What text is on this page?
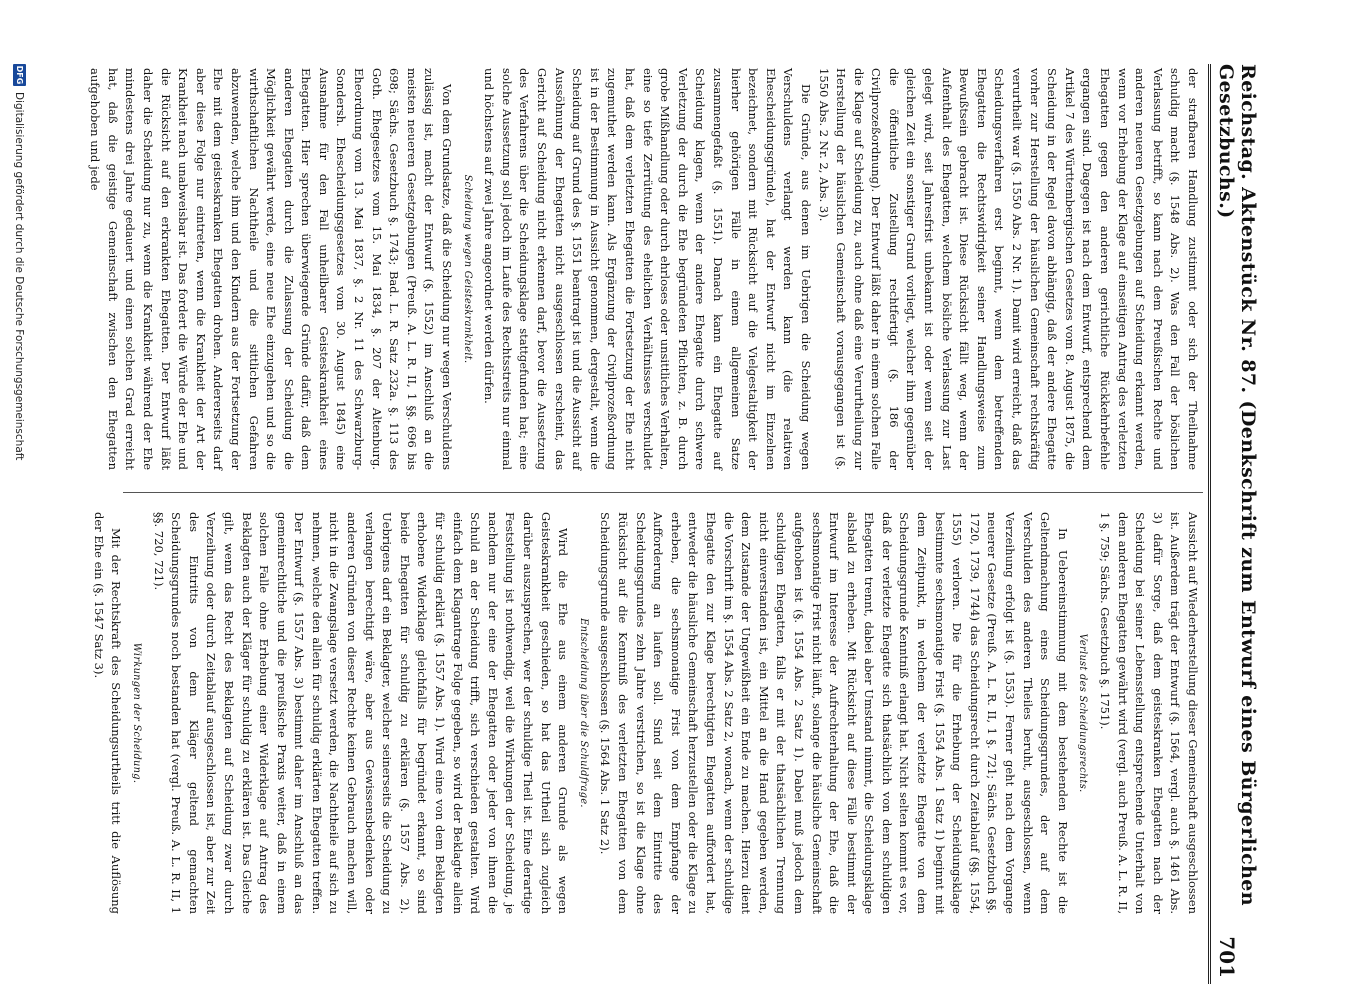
Reichstag. Aktenstück Nr. 87. (Denkschrift zum Entwurf eines Bürgerlichen Gesetzbuchs.)
701

der strafbaren Handlung zustimmt oder sich der Theilnahme schuldig macht (§. 1548 Abs. 2). Was den Fall der böslichen Verlassung betrifft, so kann nach dem Preußischen Rechte und anderen neueren Gesetzgebungen auf Scheidung erkannt werden, wenn vor Erhebung der Klage auf einseitigen Antrag des verletzten Ehegatten gegen den anderen gerichtliche Rückkehrbefehle ergangen sind. Dagegen ist nach dem Entwurf, entsprechend dem Artikel 7 des Württembergischen Gesetzes vom 8. August 1875, die Scheidung in der Regel davon abhängig, daß der andere Ehegatte vorher zur Herstellung der häuslichen Gemeinschaft rechtskräftig verurtheilt war (§. 1550 Abs. 2 Nr. 1). Damit wird erreicht, daß das Scheidungsverfahren erst beginnt, wenn dem betreffenden Ehegatten die Rechtswidrigkeit seiner Handlungsweise zum Bewußtsein gebracht ist. Diese Rücksicht fällt weg, wenn der Aufenthalt des Ehegatten, welchem bösliche Verlassung zur Last gelegt wird, seit Jahresfrist unbekannt ist oder wenn seit der gleichen Zeit ein sonstiger Grund vorliegt, welcher ihm gegenüber die öffentliche Zustellung rechtfertigt (§. 186 der Civilprozeßordnung). Der Entwurf läßt daher in einem solchen Falle die Klage auf Scheidung zu, auch ohne daß eine Verurtheilung zur Herstellung der häuslichen Gemeinschaft vorausgegangen ist (§. 1550 Abs. 2 Nr. 2, Abs. 3).

Die Gründe, aus denen im Uebrigen die Scheidung wegen Verschuldens verlangt werden kann (die relativen Ehescheidungsgründe), hat der Entwurf nicht im Einzelnen bezeichnet, sondern mit Rücksicht auf die Vielgestaltigkeit der hierher gehörigen Fälle in einem allgemeinen Satze zusammengefaßt (§. 1551). Danach kann ein Ehegatte auf Scheidung klagen, wenn der andere Ehegatte durch schwere Verletzung der durch die Ehe begründeten Pflichten, z. B. durch grobe Mißhandlung oder durch ehrloses oder unsittliches Verhalten, eine so tiefe Zerrüttung des ehelichen Verhältnisses verschuldet hat, daß dem verletzten Ehegatten die Fortsetzung der Ehe nicht zugemuthet werden kann. Als Ergänzung der Civilprozeßordnung ist in der Bestimmung in Aussicht genommen, dergestalt, wenn die Scheidung auf Grund des §. 1551 beantragt ist und die Aussicht auf Aussöhnung der Ehegatten nicht ausgeschlossen erscheint, das Gericht auf Scheidung nicht erkennen darf, bevor die Aussetzung des Verfahrens über die Scheidungsklage stattgefunden hat; eine solche Aussetzung soll jedoch im Laufe des Rechtsstreits nur einmal und höchstens auf zwei Jahre angeordnet werden dürfen.

Scheidung wegen Geisteskrankheit.

Von dem Grundsatze, daß die Scheidung nur wegen Verschuldens zulässig ist, macht der Entwurf (§. 1552) im Anschluß an die meisten neueren Gesetzgebungen (Preuß. A. L. R. II, 1 §§. 696 bis 698; Sächs. Gesetzbuch §. 1743; Bad. L. R. Satz 232a. §. 113 des Goth. Ehegesetzes vom 15. Mai 1834, §. 207 der Altenburg. Eheordnung vom 13. Mai 1837, §. 2 Nr. 11 des Schwarzburg-Sondersh. Ehescheidungsgesetzes vom 30. August 1845) eine Ausnahme für den Fall unheilbarer Geisteskrankheit eines Ehegatten. Hier sprechen überwiegende Gründe dafür, daß dem anderen Ehegatten durch die Zulassung der Scheidung die Möglichkeit gewährt werde, eine neue Ehe einzugehen und so die wirthschaftlichen Nachtheile und die sittlichen Gefahren abzuwenden, welche ihm und den Kindern aus der Fortsetzung der Ehe mit dem geisteskranken Ehegatten drohen. Andererseits darf aber diese Folge nur eintreten, wenn die Krankheit der Art der Krankheit nach unabweisbar ist. Das fordert die Würde der Ehe und die Rücksicht auf den erkrankten Ehegatten. Der Entwurf läßt daher die Scheidung nur zu, wenn die Krankheit während der Ehe mindestens drei Jahre gedauert und einen solchen Grad erreicht hat, daß die geistige Gemeinschaft zwischen den Ehegatten aufgehoben und jede

Aussicht auf Wiederherstellung dieser Gemeinschaft ausgeschlossen ist. Außerdem trägt der Entwurf (§. 1564, vergl. auch §. 1461 Abs. 3) dafür Sorge, daß dem geisteskranken Ehegatten nach der Scheidung bei seiner Lebensstellung entsprechende Unterhalt von dem anderen Ehegatten gewährt wird (vergl. auch Preuß. A. L. R. II, 1 §. 759; Sächs. Gesetzbuch §. 1751).

Verlust des Scheidungsrechts.

In Uebereinstimmung mit dem bestehenden Rechte ist die Geltendmachung eines Scheidungsgrundes, der auf dem Verschulden des anderen Theiles beruht, ausgeschlossen, wenn Verzeihung erfolgt ist (§. 1553). Ferner geht nach dem Vorgange neuerer Gesetze (Preuß. A. L. R. II, 1 §. 721; Sächs. Gesetzbuch §§. 1720, 1739, 1744) das Scheidungsrecht durch Zeitablauf (§§. 1554, 1555) verloren. Die für die Erhebung der Scheidungsklage bestimmte sechsmonatige Frist (§. 1554 Abs. 1 Satz 1) beginnt mit dem Zeitpunkt, in welchem der verletzte Ehegatte von dem Scheidungsgrunde Kenntniß erlangt hat. Nicht selten kommt es vor, daß der verletzte Ehegatte sich thatsächlich von dem schuldigen Ehegatten trennt, dabei aber Umstand nimmt, die Scheidungsklage alsbald zu erheben. Mit Rücksicht auf diese Fälle bestimmt der Entwurf im Interesse der Aufrechterhaltung der Ehe, daß die sechsmonatige Frist nicht läuft, solange die häusliche Gemeinschaft aufgehoben ist (§. 1554 Abs. 2 Satz 1). Dabei muß jedoch dem schuldigen Ehegatten, falls er mit der thatsächlichen Trennung nicht einverstanden ist, ein Mittel an die Hand gegeben werden, dem Zustande der Ungewißheit ein Ende zu machen. Hierzu dient die Vorschrift im §. 1554 Abs. 2 Satz 2, wonach, wenn der schuldige Ehegatte den zur Klage berechtigten Ehegatten auffordert hat, entweder die häusliche Gemeinschaft herzustellen oder die Klage zu erheben, die sechsmonatige Frist von dem Empfange der Aufforderung an laufen soll. Sind seit dem Eintritte des Scheidungsgrundes zehn Jahre verstrichen, so ist die Klage ohne Rücksicht auf die Kenntniß des verletzten Ehegatten von dem Scheidungsgrunde ausgeschlossen (§. 1564 Abs. 1 Satz 2).

Entscheidung über die Schuldfrage.

Wird die Ehe aus einem anderen Grunde als wegen Geisteskrankheit geschieden, so hat das Urtheil sich zugleich darüber auszusprechen, wer der schuldige Theil ist. Eine derartige Feststellung ist nothwendig, weil die Wirkungen der Scheidung, je nachdem nur der eine der Ehegatten oder jeder von ihnen die Schuld an der Scheidung trifft, sich verschieden gestalten. Wird einfach dem Klagantrage Folge gegeben, so wird der Beklagte allein für schuldig erklärt (§. 1557 Abs. 1). Wird eine von dem Beklagten erhobene Widerklage gleichfalls für begründet erkannt, so sind beide Ehegatten für schuldig zu erklären (§. 1557 Abs. 2). Uebrigens darf ein Beklagter, welcher seinerseits die Scheidung zu verlangen berechtigt wäre, aber aus Gewissensbedenken oder anderen Gründen von dieser Rechte keinen Gebrauch machen will, nicht in die Zwangslage versetzt werden, die Nachtheile auf sich zu nehmen, welche den allein für schuldig erklärten Ehegatten treffen. Der Entwurf (§. 1557 Abs. 3) bestimmt daher im Anschluß an das gemeinrechtliche und die preußische Praxis weiter, daß in einem solchen Falle ohne Erhebung einer Widerklage auf Antrag des Beklagten auch der Kläger für schuldig zu erklären ist. Das Gleiche gilt, wenn das Recht des Beklagten auf Scheidung zwar durch Verzeihung oder durch Zeitablauf ausgeschlossen ist, aber zur Zeit des Eintritts von dem Kläger geltend gemachten Scheidungsgrundes noch bestanden hat (vergl. Preuß. A. L. R. II, 1 §§. 720, 721).

Wirkungen der Scheidung.

Mit der Rechtskraft des Scheidungsurtheils tritt die Auflösung der Ehe ein (§. 1547 Satz 3).

DFG
Digitalisierung gefördert durch die Deutsche Forschungsgemeinschaft
